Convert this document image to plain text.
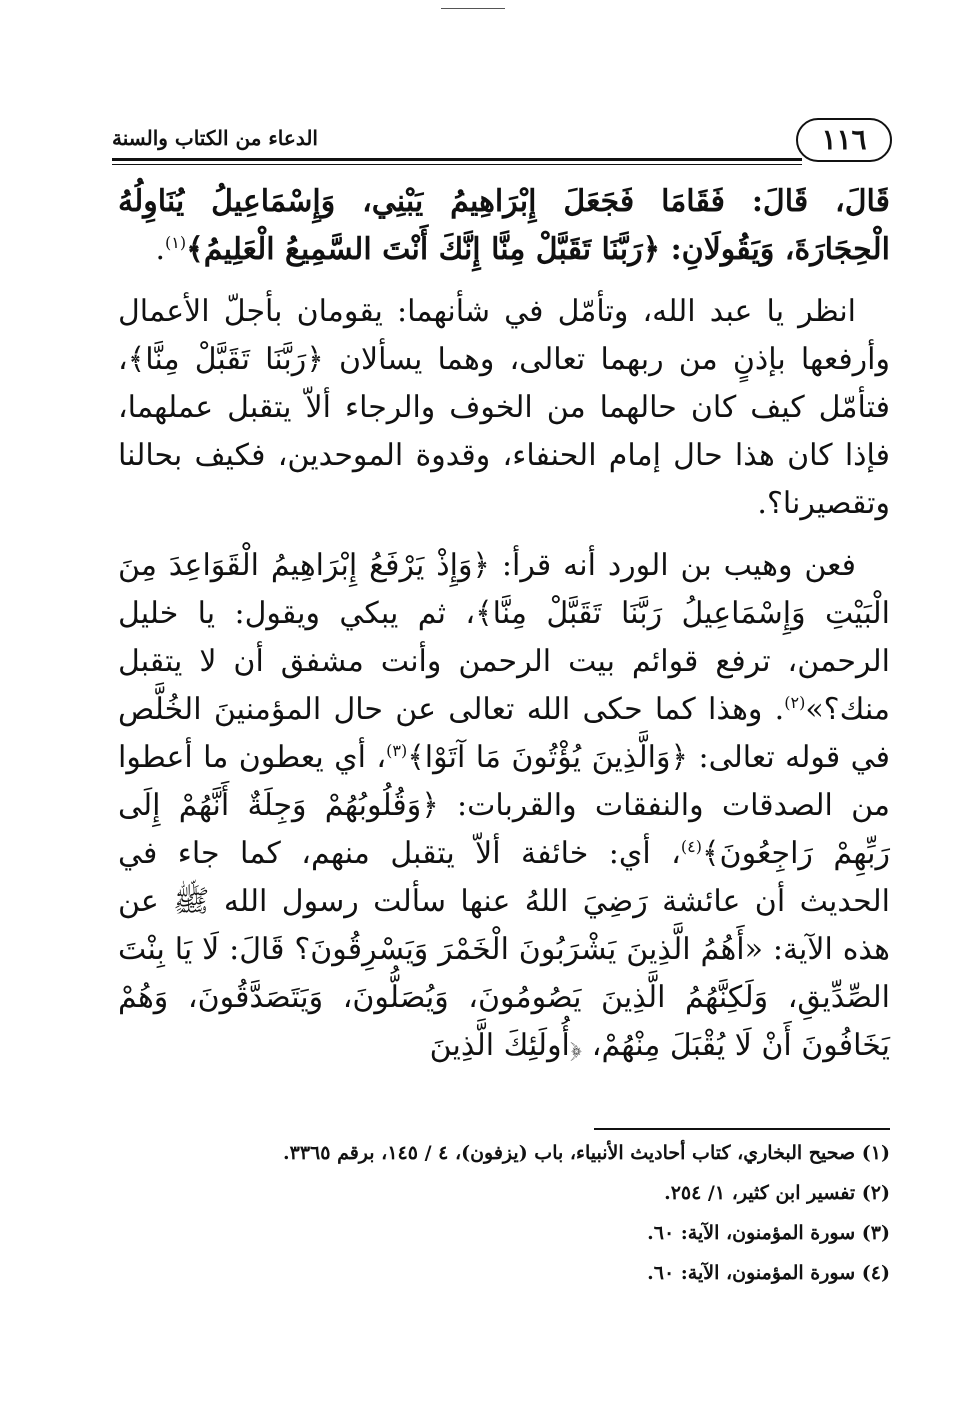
الدعاء من الكتاب والسنة	١١٦

قَالَ، قَالَ: فَقَامَا فَجَعَلَ إِبْرَاهِيمُ يَبْنِي، وَإِسْمَاعِيلُ يُنَاوِلُهُ الْحِجَارَةَ، وَيَقُولَانِ: ﴿رَبَّنَا تَقَبَّلْ مِنَّا إِنَّكَ أَنْتَ السَّمِيعُ الْعَلِيمُ﴾$^{(١)}$.

انظر يا عبد الله، وتأمّل في شأنهما: يقومان بأجلّ الأعمال وأرفعها بإذنٍ من ربهما تعالى، وهما يسألان ﴿رَبَّنَا تَقَبَّلْ مِنَّا﴾، فتأمّل كيف كان حالهما من الخوف والرجاء ألاّ يتقبل عملهما، فإذا كان هذا حال إمام الحنفاء، وقدوة الموحدين، فكيف بحالنا وتقصيرنا؟.

فعن وهيب بن الورد أنه قرأ: ﴿وَإِذْ يَرْفَعُ إِبْرَاهِيمُ الْقَوَاعِدَ مِنَ الْبَيْتِ وَإِسْمَاعِيلُ رَبَّنَا تَقَبَّلْ مِنَّا﴾، ثم يبكي ويقول: يا خليل الرحمن، ترفع قوائم بيت الرحمن وأنت مشفق أن لا يتقبل منك؟»$^{(٢)}$. وهذا كما حكى الله تعالى عن حال المؤمنينَ الخُلَّص في قوله تعالى: ﴿وَالَّذِينَ يُؤْتُونَ مَا آتَوْا﴾$^{(٣)}$، أي يعطون ما أعطوا من الصدقات والنفقات والقربات: ﴿وَقُلُوبُهُمْ وَجِلَةٌ أَنَّهُمْ إِلَى رَبِّهِمْ رَاجِعُونَ﴾$^{(٤)}$، أي: خائفة ألاّ يتقبل منهم، كما جاء في الحديث أن عائشة رَضِيَ اللهُ عنها سألت رسول الله ﷺ عن هذه الآية: «أَهُمُ الَّذِينَ يَشْرَبُونَ الْخَمْرَ وَيَسْرِقُونَ؟ قَالَ: لَا يَا بِنْتَ الصِّدِّيقِ، وَلَكِنَّهُمُ الَّذِينَ يَصُومُونَ، وَيُصَلُّونَ، وَيَتَصَدَّقُونَ، وَهُمْ يَخَافُونَ أَنْ لَا يُقْبَلَ مِنْهُمْ، ﴿أُولَئِكَ الَّذِينَ

(١) صحيح البخاري، كتاب أحاديث الأنبياء، باب (يزفون)، ٤ / ١٤٥، برقم ٣٣٦٥.
(٢) تفسير ابن كثير، ١/ ٢٥٤.
(٣) سورة المؤمنون، الآية: ٦٠.
(٤) سورة المؤمنون، الآية: ٦٠.
